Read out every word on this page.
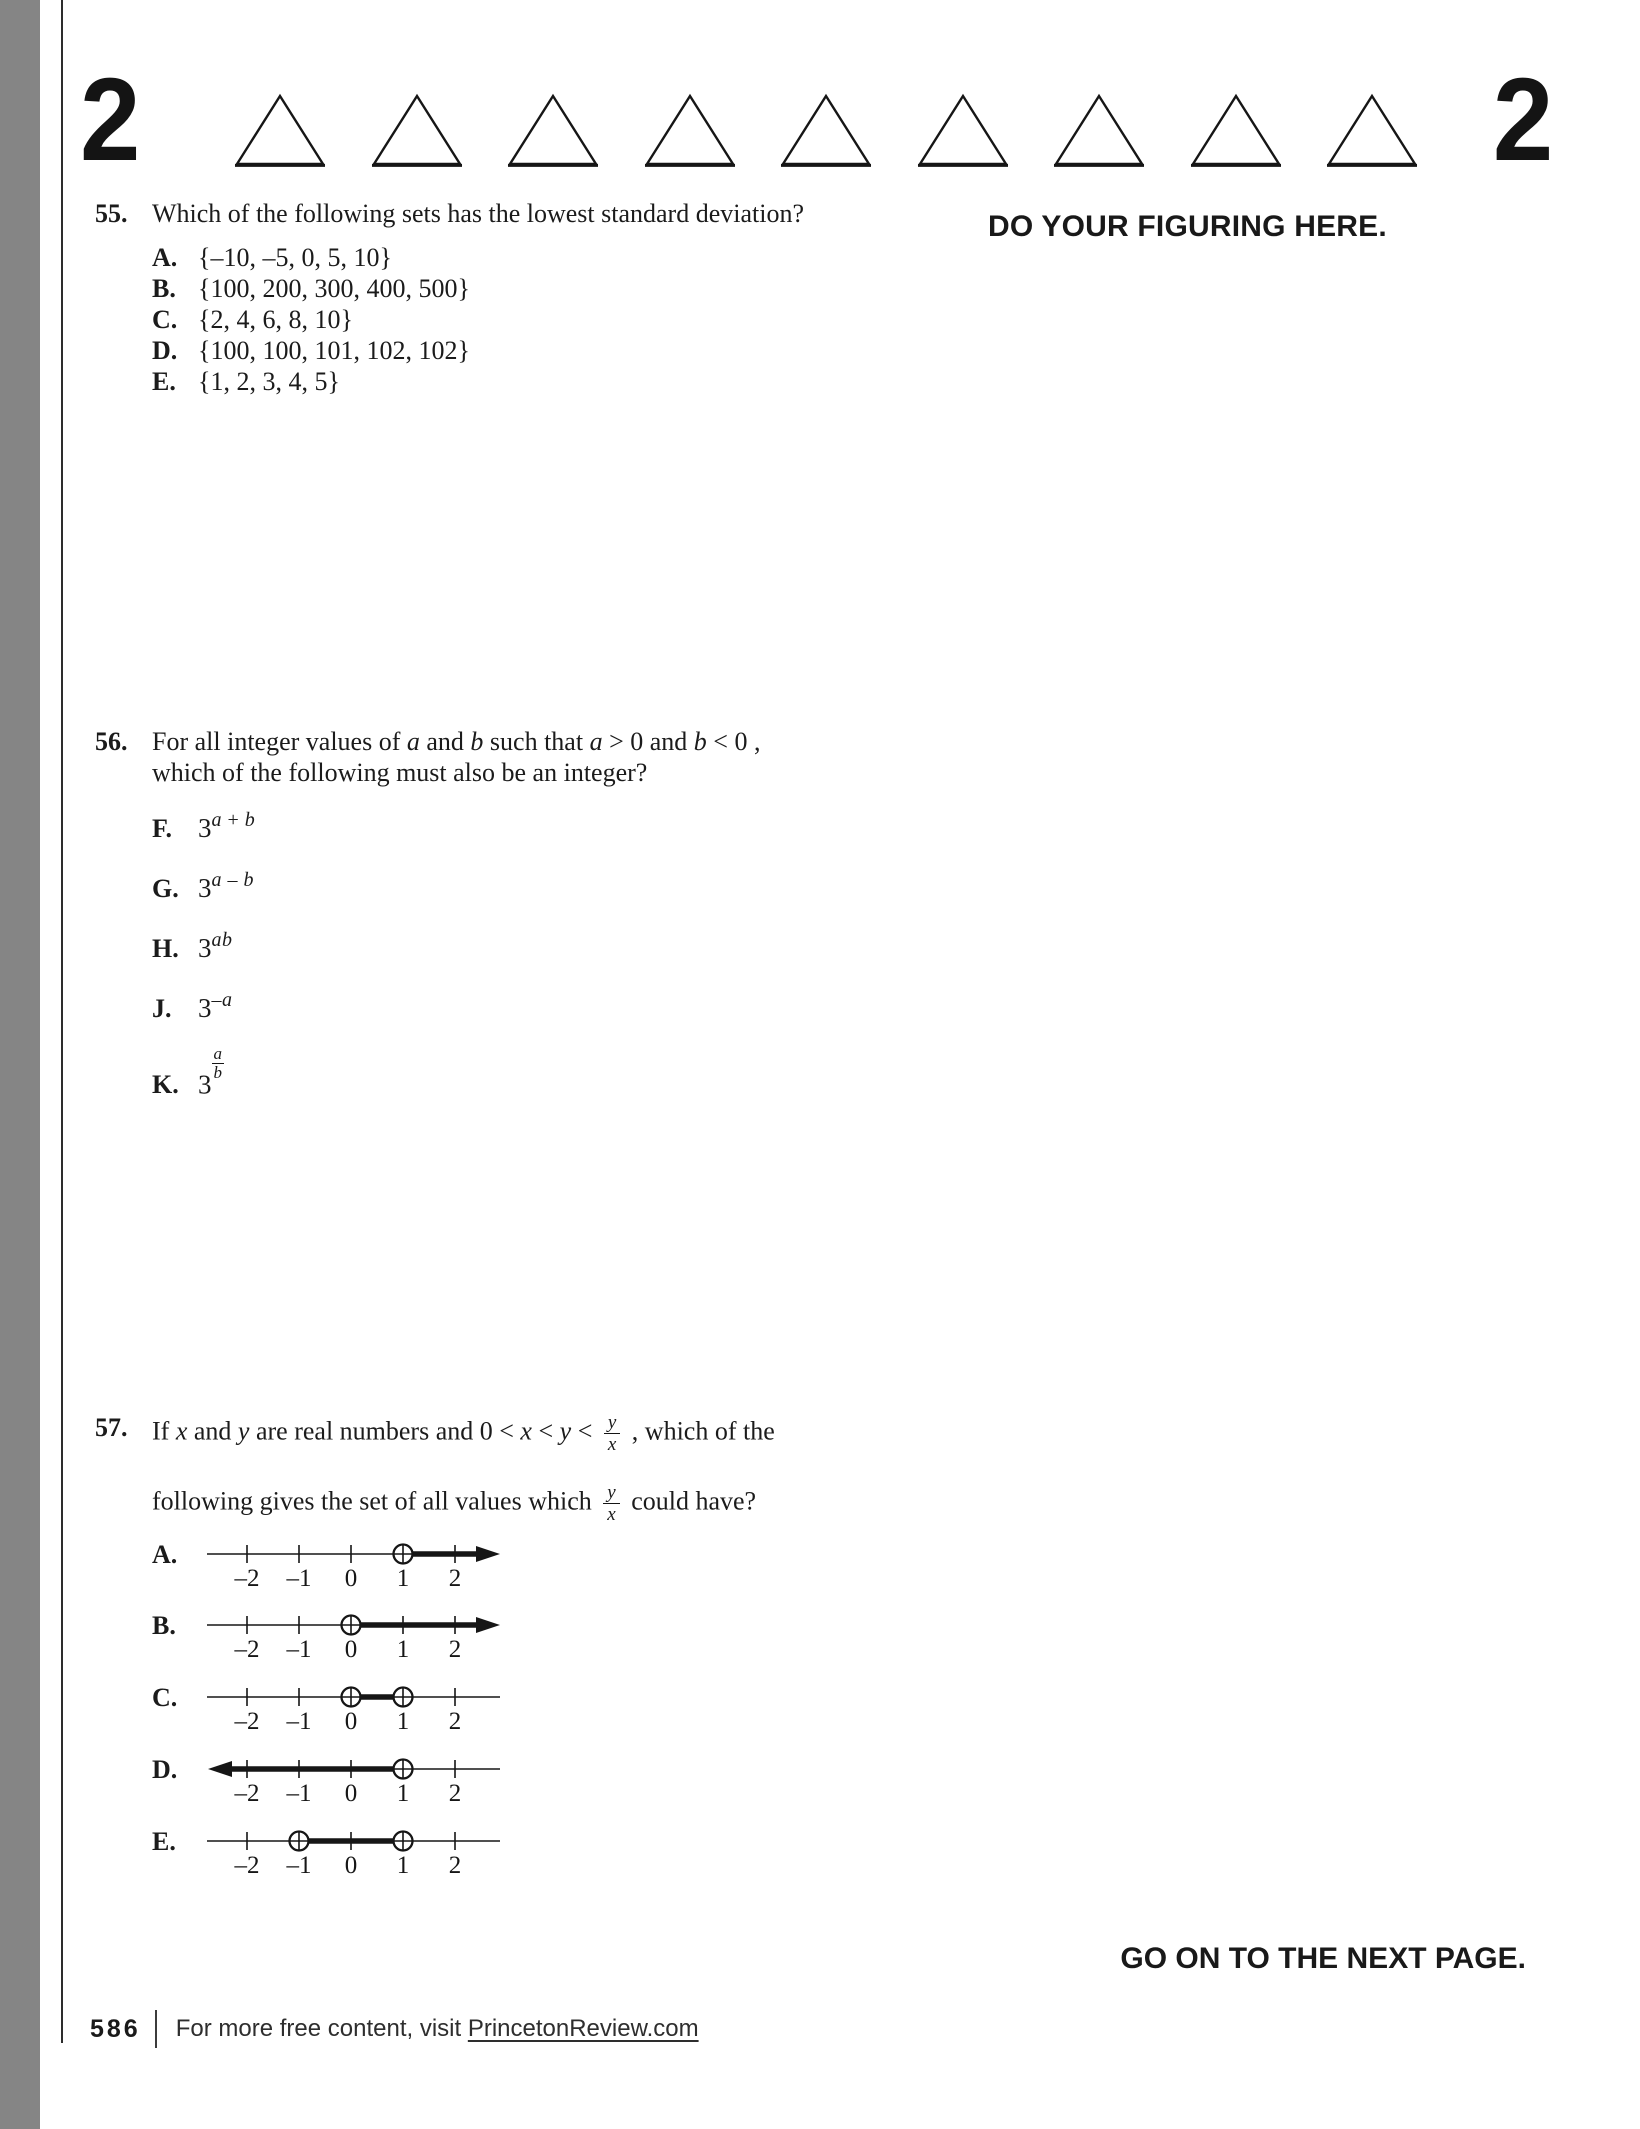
2	2
DO YOUR FIGURING HERE.
55. Which of the following sets has the lowest standard deviation?
A. {–10, –5, 0, 5, 10}
B. {100, 200, 300, 400, 500}
C. {2, 4, 6, 8, 10}
D. {100, 100, 101, 102, 102}
E. {1, 2, 3, 4, 5}
56. For all integer values of a and b such that a > 0 and b < 0 ,
which of the following must also be an integer?
F. $3^{a + b}$
G. 3$^{a - b}$
H. $3^{ab}$
J. $3^{-a}$
K. 3
$\frac{a}{b}$
57. If x and y are real numbers and $0 < x < y < \frac{y}{x}$ , which of the
following gives the set of all values which $\frac{y}{x}$ could have?
A.
–2 –1 0 1 2
B.
–2 –1 0 1 2
C.
–2 –1 0 1 2
D.
–2 –1 0 1 2
E.
–2 –1 0 1 2
GO ON TO THE NEXT PAGE.
586 For more free content, visit PrincetonReview.com
